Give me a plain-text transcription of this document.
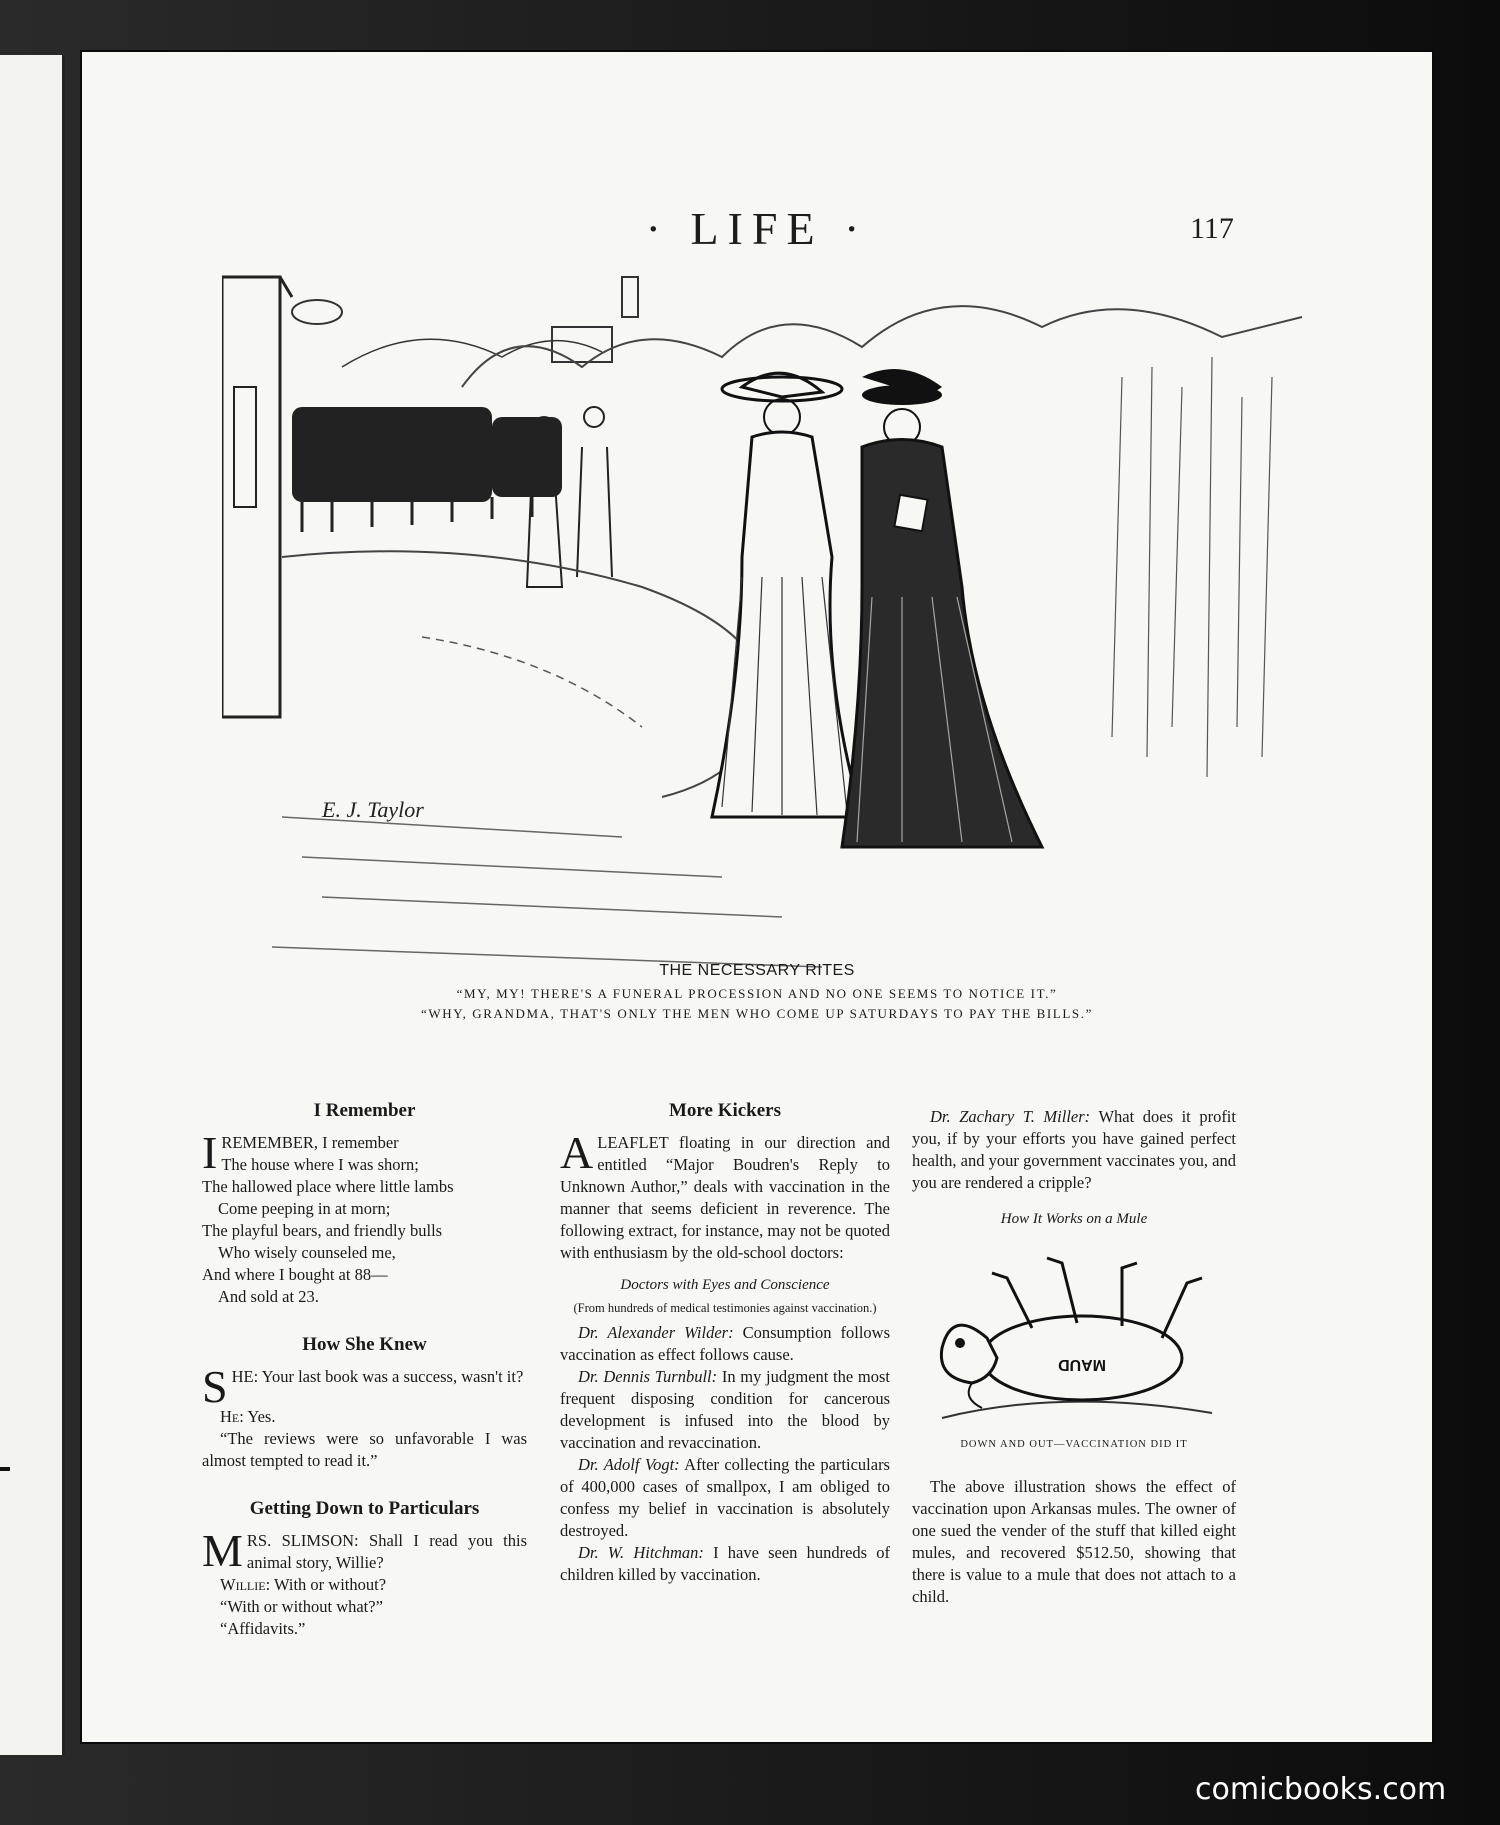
· LIFE ·	117
E. J. Taylor
THE NECESSARY RITES
“MY, MY! THERE'S A FUNERAL PROCESSION AND NO ONE SEEMS TO NOTICE IT.”
“WHY, GRANDMA, THAT'S ONLY THE MEN WHO COME UP SATURDAYS TO PAY THE BILLS.”
I Remember
I REMEMBER, I remember

The house where I was shorn;

The hallowed place where little lambs

Come peeping in at morn;

The playful bears, and friendly bulls

Who wisely counseled me,

And where I bought at 88—

And sold at 23.

How She Knew

SHE: Your last book was a success, wasn't it?

He: Yes.

“The reviews were so unfavorable I was almost tempted to read it.”

Getting Down to Particulars

MRS. SLIMSON: Shall I read you this animal story, Willie?

Willie: With or without?

“With or without what?”

“Affidavits.”

More Kickers

ALEAFLET floating in our direction and entitled “Major Boudren's Reply to Unknown Author,” deals with vaccination in the manner that seems deficient in reverence. The following extract, for instance, may not be quoted with enthusiasm by the old-school doctors:

Doctors with Eyes and Conscience

(From hundreds of medical testimonies against vaccination.)

Dr. Alexander Wilder: Consumption follows vaccination as effect follows cause.

Dr. Dennis Turnbull: In my judgment the most frequent disposing condition for cancerous development is infused into the blood by vaccination and revaccination.

Dr. Adolf Vogt: After collecting the particulars of 400,000 cases of smallpox, I am obliged to confess my belief in vaccination is absolutely destroyed.

Dr. W. Hitchman: I have seen hundreds of children killed by vaccination.

Dr. Zachary T. Miller: What does it profit you, if by your efforts you have gained perfect health, and your government vaccinates you, and you are rendered a cripple?

How It Works on a Mule

MAUD

DOWN AND OUT—VACCINATION DID IT

The above illustration shows the effect of vaccination upon Arkansas mules. The owner of one sued the vender of the stuff that killed eight mules, and recovered $512.50, showing that there is value to a mule that does not attach to a child.

comicbooks.com
